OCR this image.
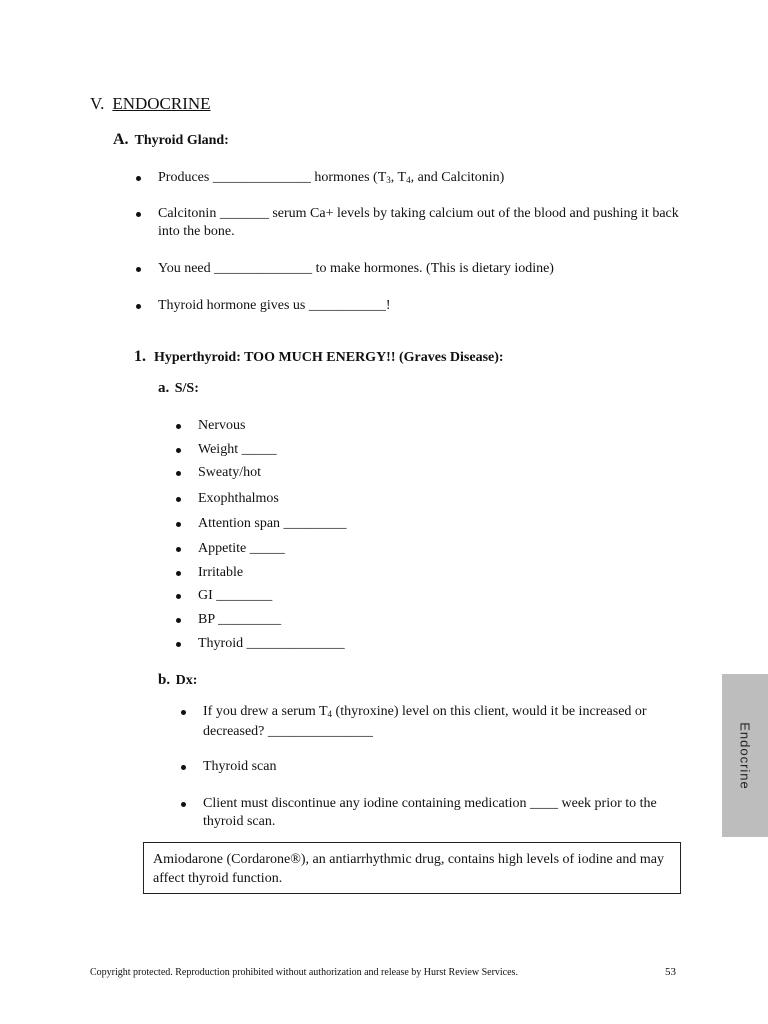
V. ENDOCRINE
A. Thyroid Gland:
Produces ______________ hormones ($T_3$, $T_4$, and Calcitonin)
Calcitonin _______ serum Ca+ levels by taking calcium out of the blood and pushing it back into the bone.
You need ______________ to make hormones. (This is dietary iodine)
Thyroid hormone gives us ___________!
1. Hyperthyroid: TOO MUCH ENERGY!! (Graves Disease):
a. S/S:
Nervous
Weight _____
Sweaty/hot
Exophthalmos
Attention span _________
Appetite _____
Irritable
GI ________
BP _________
Thyroid ______________
b. Dx:
If you drew a serum $T_4$ (thyroxine) level on this client, would it be increased or decreased? _______________
Thyroid scan
Client must discontinue any iodine containing medication ____ week prior to the thyroid scan.
Amiodarone (Cordarone®), an antiarrhythmic drug, contains high levels of iodine and may affect thyroid function.
Endocrine
Copyright protected. Reproduction prohibited without authorization and release by Hurst Review Services.	53
